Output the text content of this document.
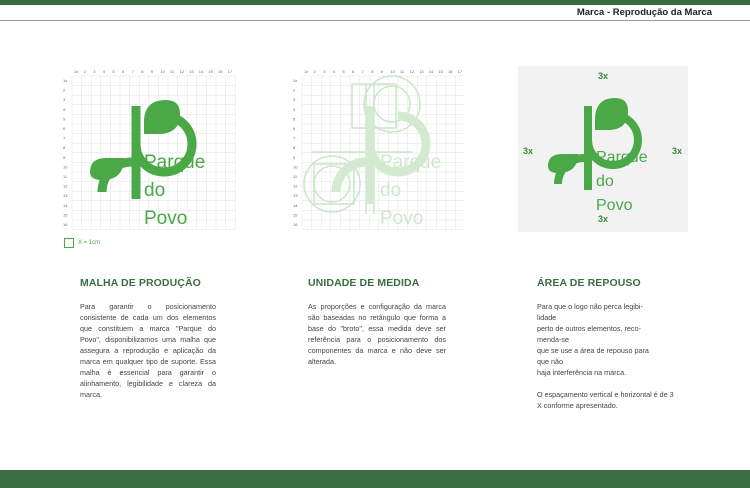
Marca - Reprodução da Marca
1x 2 3 4 5 6 7 8 9 10 11 12 13 14 15 16 17
1x
2
3
4
5
6
7
8
9
10
11
12
13
14
15
16
Parque
do
Povo
X = 1cm
1x 2 3 4 5 6 7 8 9 10 11 12 13 14 15 16 17
1x
2
3
4
5
6
7
8
9
10
11
12
13
14
15
16
Parque
do
Povo
Parque
do
Povo
3x
3x	3x
3x
MALHA DE PRODUÇÃO

Para garantir o posicionamento consistente de cada um dos elementos que constituem a marca "Parque do Povo", disponibilizamos uma malha que assegura a reprodução e aplicação da marca em qualquer tipo de suporte. Essa malha é essencial para garantir o alinhamento, legibilidade e clareza da marca.

UNIDADE DE MEDIDA

As proporções e configuração da marca são baseadas no retângulo que forma a base do "broto", essa medida deve ser referência para o posicionamento dos componentes da marca e não deve ser alterada.

ÁREA DE REPOUSO

Para que o logo não perca legibi-
lidade
perto de outros elementos, reco-
menda-se
que se use a área de repouso para
que não
haja interferência na marca.

O espaçamento vertical e horizontal é de 3 X conforme apresentado.
